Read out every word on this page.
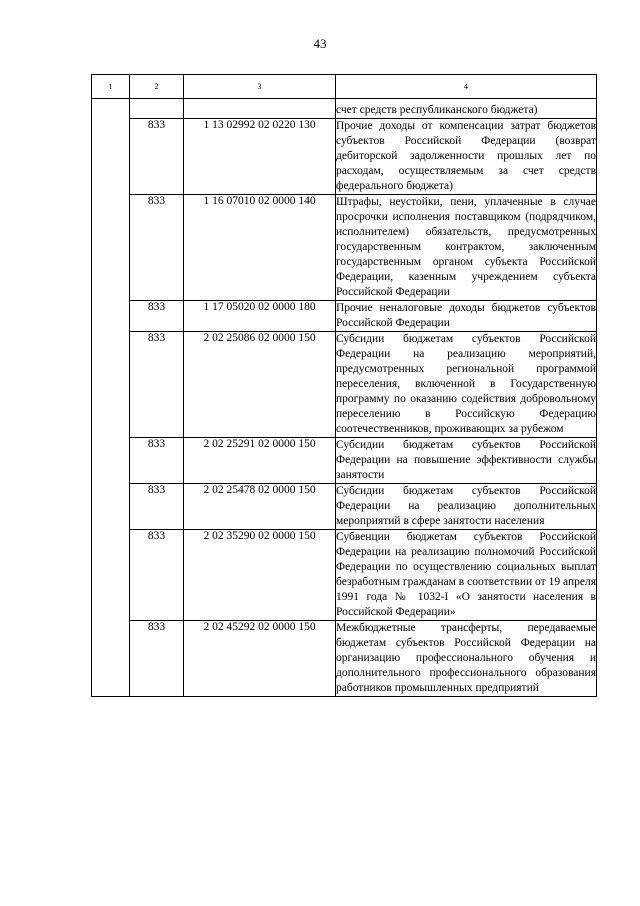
43
1	2	3	4
			счет средств республиканского бюджета)
	833	1 13 02992 02 0220 130	Прочие доходы от компенсации затрат бюджетов субъектов Российской Федерации (возврат дебиторской задолженности прошлых лет по расходам, осуществляемым за счет средств федерального бюджета)
	833	1 16 07010 02 0000 140	Штрафы, неустойки, пени, уплаченные в случае просрочки исполнения поставщиком (подрядчиком, исполнителем) обязательств, предусмотренных государственным контрактом, заключенным государственным органом субъекта Российской Федерации, казенным учреждением субъекта Российской Федерации
	833	1 17 05020 02 0000 180	Прочие неналоговые доходы бюджетов субъектов Российской Федерации
	833	2 02 25086 02 0000 150	Субсидии бюджетам субъектов Российской Федерации на реализацию мероприятий, предусмотренных региональной программой переселения, включенной в Государственную программу по оказанию содействия добровольному переселению в Российскую Федерацию соотечественников, проживающих за рубежом
	833	2 02 25291 02 0000 150	Субсидии бюджетам субъектов Российской Федерации на повышение эффективности службы занятости
	833	2 02 25478 02 0000 150	Субсидии бюджетам субъектов Российской Федерации на реализацию дополнительных мероприятий в сфере занятости населения
	833	2 02 35290 02 0000 150	Субвенции бюджетам субъектов Российской Федерации на реализацию полномочий Российской Федерации по осуществлению социальных выплат безработным гражданам в соответствии от 19 апреля 1991 года № 1032-I «О занятости населения в Российской Федерации»
	833	2 02 45292 02 0000 150	Межбюджетные трансферты, передаваемые бюджетам субъектов Российской Федерации на организацию профессионального обучения и дополнительного профессионального образования работников промышленных предприятий
